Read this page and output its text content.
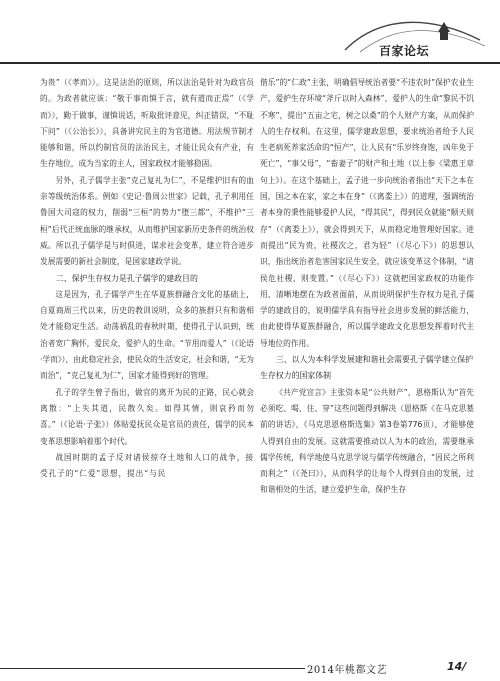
百家论坛

为贵”（《孝而》）。这是法治的原则，所以法治是针对为政官员的。为政者就应该：“敬于事而慎于言，就有道而正焉”（《学而》），勤于做事，谨慎说话，听取批评意见，纠正错误，“不耻下问”（《公治长》），具备讲究民主的为官道德。用法规节制才能够和谐，所以约制官员的法治民主，才能让民众有产业，有生存地位，成为当家的主人，国家政权才能够稳固。

另外，孔子儒学主张“克己复礼为仁”，不是维护旧有的血亲等级统治体系。例如《史记·鲁周公世家》记载，孔子利用任鲁国大司寇的权力，削弱“三桓”的势力“堕三都”，不维护“三桓”后代正统血脉的继承权，从而维护国家新历史条件的统治权威。所以孔子儒学是与时俱进，谋求社会变革，建立符合进步发展需要的新社会制度，是国家建政学说。

二、保护生存权力是孔子儒学的建政目的

这是因为，孔子儒学产生在华夏族群融合文化的基础上，自夏商周三代以来，历史的教训说明，众多的族群只有和谐相处才能稳定生活。动荡祸乱的春秋时期，使得孔子认识到，统治者宽广胸怀，爱民众，爱护人的生命。“节用而爱人”（《论语·学而》），由此稳定社会，使民众的生活安定，社会和谐，“无为而治”，“克己复礼为仁”，国家才能得到好的管理。

孔子的学生曾子指出，做官的离开为民的正路，民心就会离散：“上失其道，民散久矣。如得其情，则哀矜而勿喜。”（《论语·子张》）体贴爱抚民众是官员的责任，儒学的民本变革思想影响着那个时代。

战国时期的孟子反对诸侯掠夺土地和人口的战争，接受孔子的“仁爱”思想，提出“与民

偕乐”的“仁政”主张，明确倡导统治者要“不违农时”保护农业生产，爱护生存环境“斧斤以时入森林”，爱护人的生命“黎民不饥不寒”，提出“五亩之宅，树之以桑”的个人财产方案，从而保护人的生存权利。在这里，儒学建政思想，要求统治者给予人民生老病死养家活命的“恒产”，让人民有“乐岁终身饱，凶年免于死亡”，“事父母”，“畜妻子”的财产和土地（以上参《梁惠王章句上》）。在这个基础上，孟子进一步向统治者指出“天下之本在国，国之本在家，家之本在身”（《离娄上》）的道理，强调统治者本身的秉性能够爱护人民，“得其民”，得到民众就能“顺天则存”（《离娄上》），就会得到天下，从而稳定地管理好国家。进而提出“民为贵，社稷次之，君为轻”（《尽心下》）的思想认识，指出统治者危害国家民生安全，就应该变革这个体制，“诸侯危社稷，则变置。”（《尽心下》）这就把国家政权的功能作用，清晰地摆在为政者面前，从而说明保护生存权力是孔子儒学的建政目的，说明儒学具有指导社会进步发展的鲜活能力，由此使得华夏族群融合，所以儒学建政文化思想发挥着时代主导地位的作用。

三、以人为本科学发展建和谐社会需要孔子儒学建立保护生存权力的国家体制

《共产党宣言》主张资本是“公共财产”，恩格斯认为“首先必须吃、喝、住、穿”这些问题得到解决（恩格斯《在马克思墓前的讲话》，《马克思恩格斯选集》第3卷第776页），才能够使人得到自由的发展。这就需要推动以人为本的政治，需要继承儒学传统，科学地使马克思学说与儒学传统融合，“因民之所利而利之”（《尧曰》），从而科学的让每个人得到自由的发展，过和谐相处的生活，建立爱护生命，保护生存

2014年桃都文艺	14/
